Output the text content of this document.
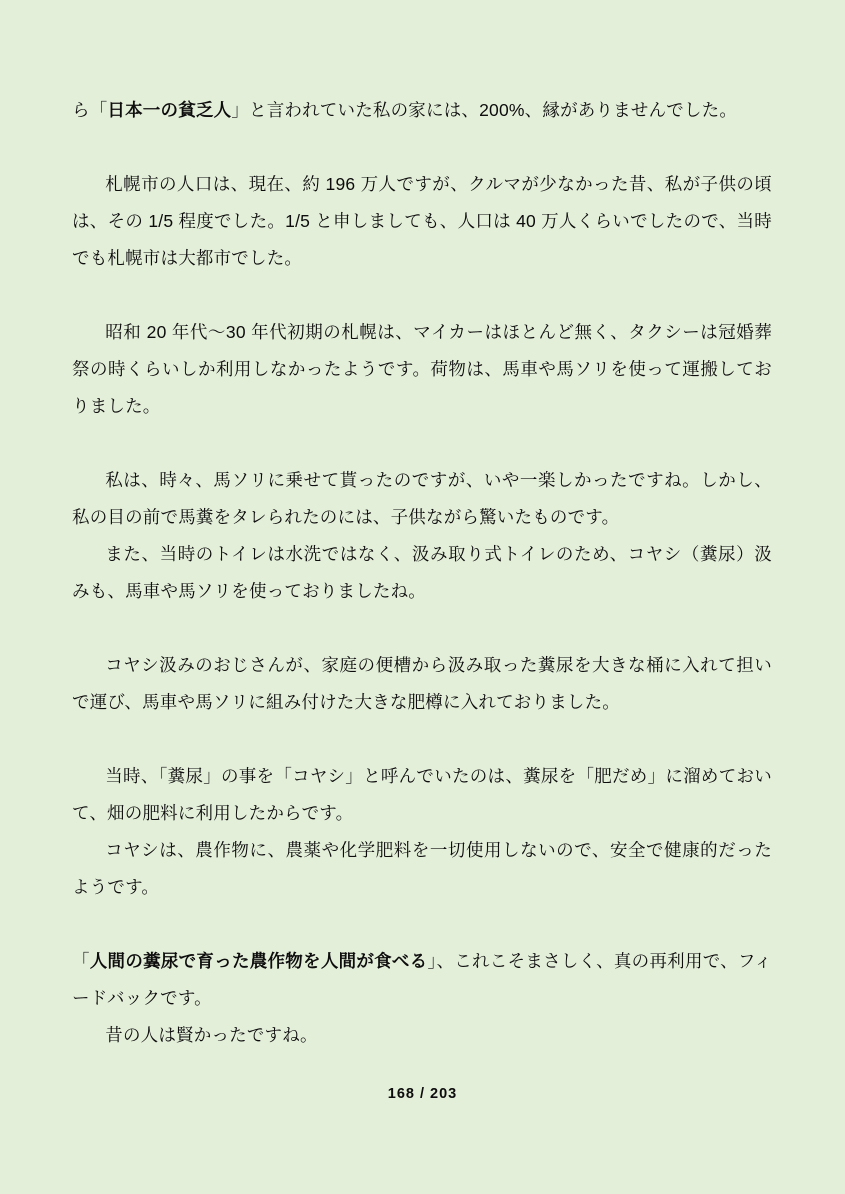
ら「日本一の貧乏人」と言われていた私の家には、200%、縁がありませんでした。

札幌市の人口は、現在、約 196 万人ですが、クルマが少なかった昔、私が子供の頃は、その 1/5 程度でした。1/5 と申しましても、人口は 40 万人くらいでしたので、当時でも札幌市は大都市でした。

昭和 20 年代〜30 年代初期の札幌は、マイカーはほとんど無く、タクシーは冠婚葬祭の時くらいしか利用しなかったようです。荷物は、馬車や馬ソリを使って運搬しておりました。

私は、時々、馬ソリに乗せて貰ったのですが、いや一楽しかったですね。しかし、私の目の前で馬糞をタレられたのには、子供ながら驚いたものです。

また、当時のトイレは水洗ではなく、汲み取り式トイレのため、コヤシ（糞尿）汲みも、馬車や馬ソリを使っておりましたね。

コヤシ汲みのおじさんが、家庭の便槽から汲み取った糞尿を大きな桶に入れて担いで運び、馬車や馬ソリに組み付けた大きな肥樽に入れておりました。

当時、「糞尿」の事を「コヤシ」と呼んでいたのは、糞尿を「肥だめ」に溜めておいて、畑の肥料に利用したからです。

コヤシは、農作物に、農薬や化学肥料を一切使用しないので、安全で健康的だったようです。

「人間の糞尿で育った農作物を人間が食べる」、これこそまさしく、真の再利用で、フィードバックです。

昔の人は賢かったですね。

168 / 203
